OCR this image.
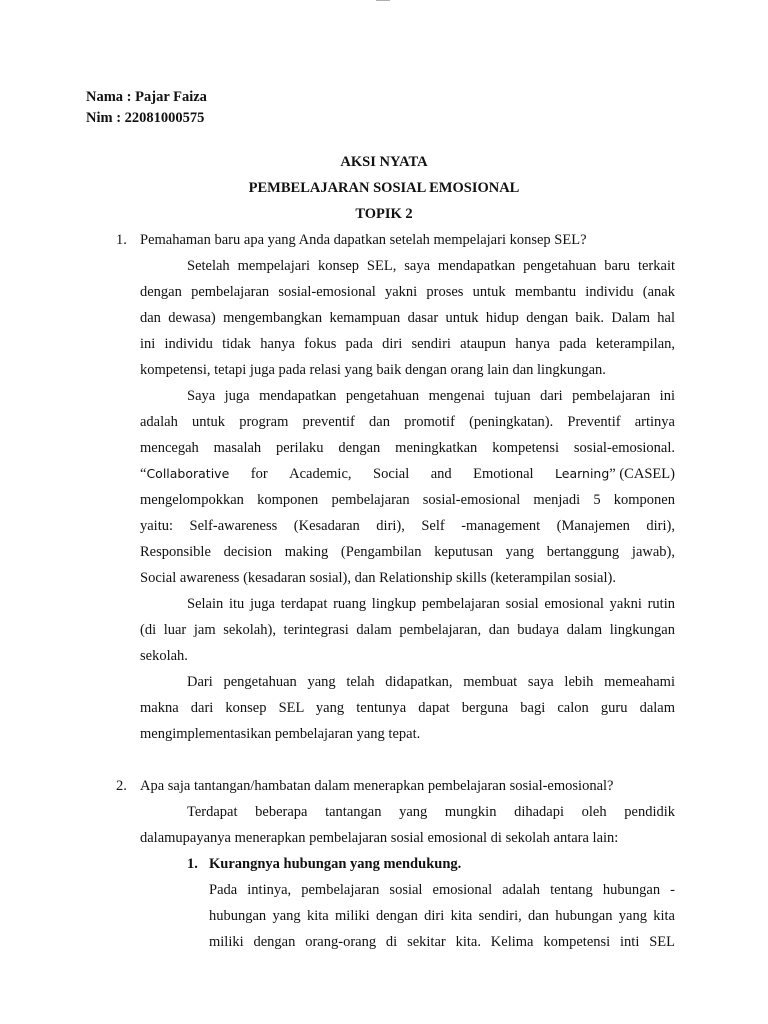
Nama : Pajar Faiza
Nim : 22081000575
AKSI NYATA
PEMBELAJARAN SOSIAL EMOSIONAL
TOPIK 2
1. Pemahaman baru apa yang Anda dapatkan setelah mempelajari konsep SEL?
Setelah mempelajari konsep SEL, saya mendapatkan pengetahuan baru terkait
dengan pembelajaran sosial-emosional yakni proses untuk membantu individu (anak
dan dewasa) mengembangkan kemampuan dasar untuk hidup dengan baik. Dalam hal
ini individu tidak hanya fokus pada diri sendiri ataupun hanya pada keterampilan,
kompetensi, tetapi juga pada relasi yang baik dengan orang lain dan lingkungan.
Saya juga mendapatkan pengetahuan mengenai tujuan dari pembelajaran ini
adalah untuk program preventif dan promotif (peningkatan). Preventif artinya
mencegah masalah perilaku dengan meningkatkan kompetensi sosial-emosional.
“Collaborative for Academic, Social and Emotional Learning” (CASEL)
mengelompokkan komponen pembelajaran sosial-emosional menjadi 5 komponen
yaitu: Self-awareness (Kesadaran diri), Self -management (Manajemen diri),
Responsible decision making (Pengambilan keputusan yang bertanggung jawab),
Social awareness (kesadaran sosial), dan Relationship skills (keterampilan sosial).
Selain itu juga terdapat ruang lingkup pembelajaran sosial emosional yakni rutin
(di luar jam sekolah), terintegrasi dalam pembelajaran, dan budaya dalam lingkungan
sekolah.
Dari pengetahuan yang telah didapatkan, membuat saya lebih memeahami
makna dari konsep SEL yang tentunya dapat berguna bagi calon guru dalam
mengimplementasikan pembelajaran yang tepat.
2. Apa saja tantangan/hambatan dalam menerapkan pembelajaran sosial-emosional?
Terdapat beberapa tantangan yang mungkin dihadapi oleh pendidik
dalamupayanya menerapkan pembelajaran sosial emosional di sekolah antara lain:
1. Kurangnya hubungan yang mendukung.
Pada intinya, pembelajaran sosial emosional adalah tentang hubungan -
hubungan yang kita miliki dengan diri kita sendiri, dan hubungan yang kita
miliki dengan orang-orang di sekitar kita. Kelima kompetensi inti SEL
